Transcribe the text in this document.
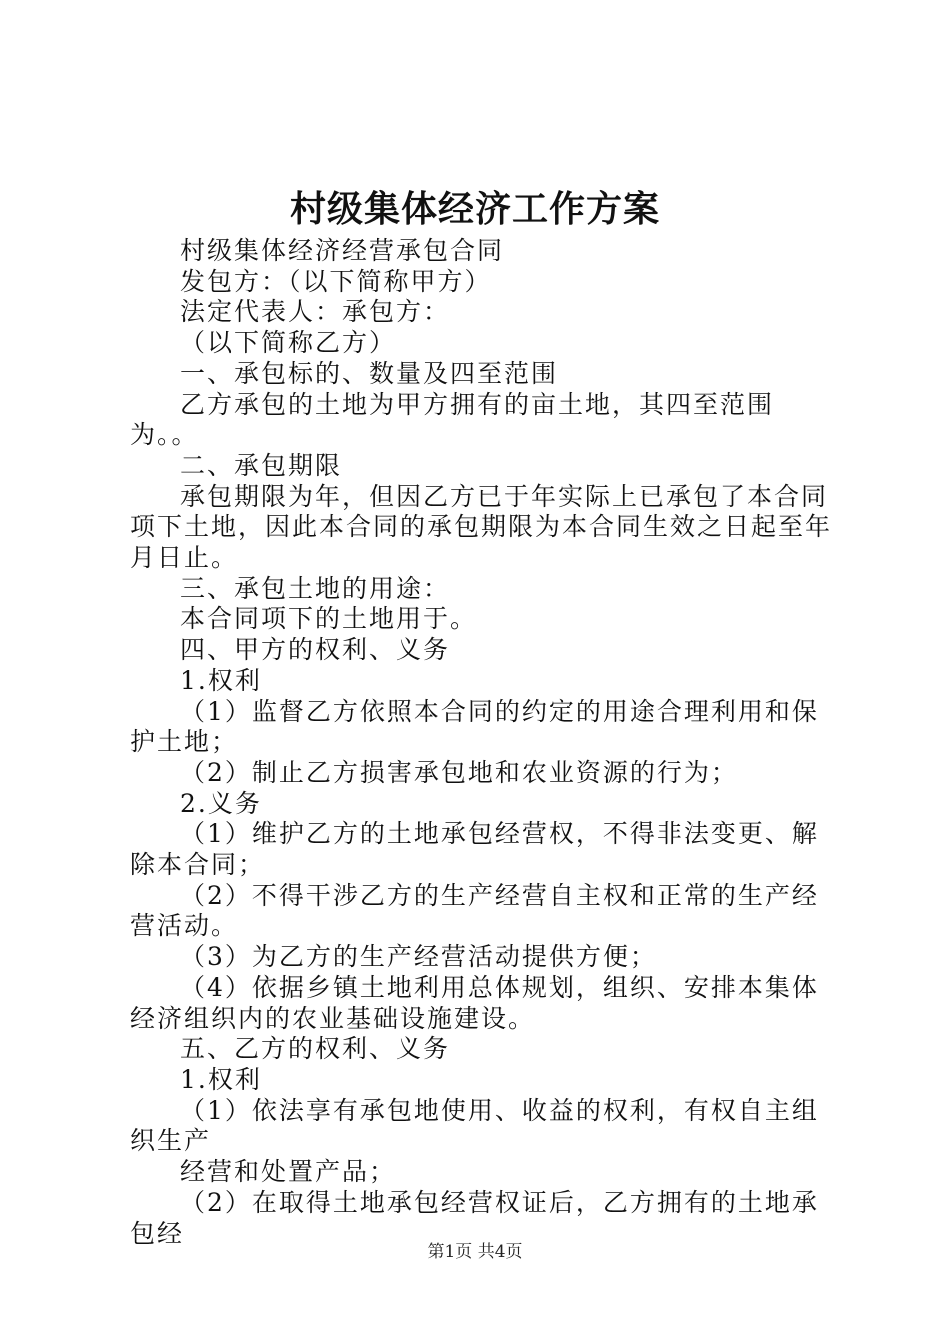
村级集体经济工作方案

村级集体经济经营承包合同

发包方：（以下简称甲方）

法定代表人：承包方：

（以下简称乙方）

一、承包标的、数量及四至范围

乙方承包的土地为甲方拥有的亩土地，其四至范围为。。

二、承包期限

承包期限为年，但因乙方已于年实际上已承包了本合同项下土地，因此本合同的承包期限为本合同生效之日起至年月日止。

三、承包土地的用途：

本合同项下的土地用于。

四、甲方的权利、义务

1.权利

（1）监督乙方依照本合同的约定的用途合理利用和保护土地；

（2）制止乙方损害承包地和农业资源的行为；

2.义务

（1）维护乙方的土地承包经营权，不得非法变更、解除本合同；

（2）不得干涉乙方的生产经营自主权和正常的生产经营活动。

（3）为乙方的生产经营活动提供方便；

（4）依据乡镇土地利用总体规划，组织、安排本集体经济组织内的农业基础设施建设。

五、乙方的权利、义务

1.权利

（1）依法享有承包地使用、收益的权利，有权自主组织生产

经营和处置产品；

（2）在取得土地承包经营权证后，乙方拥有的土地承包经

第1页 共4页
